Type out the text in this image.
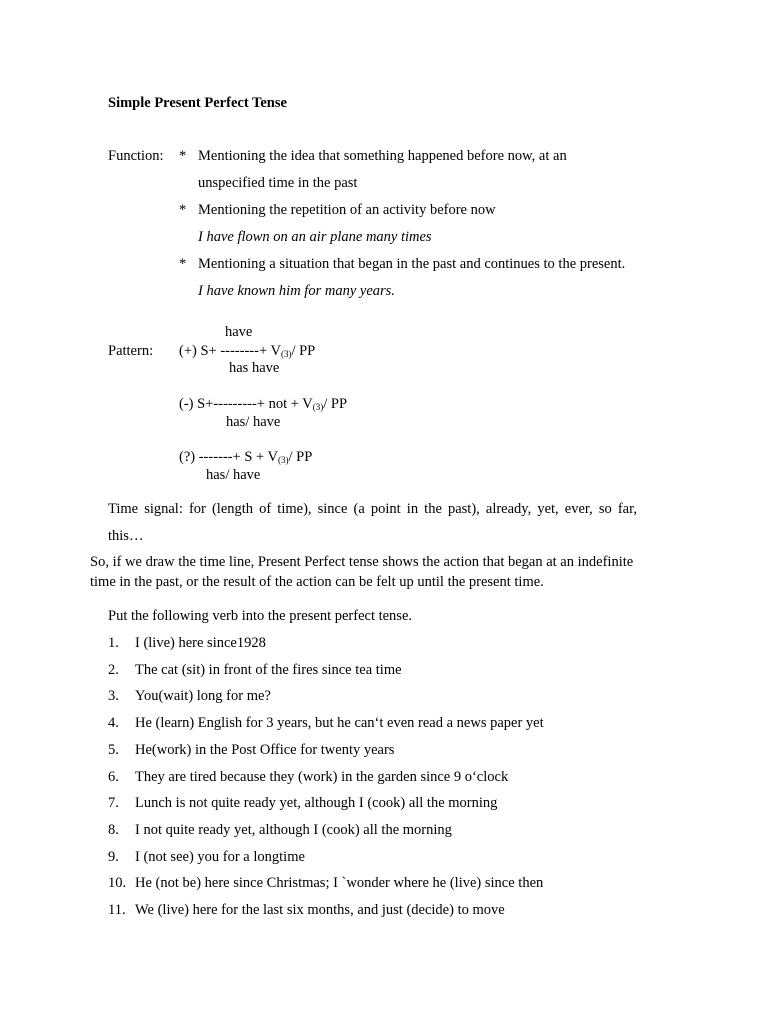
Simple Present Perfect Tense
Function: * Mentioning the idea that something happened before now, at an
unspecified time in the past
* Mentioning the repetition of an activity before now
I have flown on an air plane many times
* Mentioning a situation that began in the past and continues to the present.
I have known him for many years.
have
Pattern: (+) S+ --------+ $V_{(3)}/$ PP
has have
(-) S+---------+ not + $V_{(3)}/$ PP
has/ have
(?) -------+ $S + V_{(3)}/$ PP
has/ have
Time signal: for (length of time), since (a point in the past), already, yet, ever, so far,
this…
So, if we draw the time line, Present Perfect tense shows the action that began at an indefinite
time in the past, or the result of the action can be felt up until the present time.
Put the following verb into the present perfect tense.
1. I (live) here since1928
2. The cat (sit) in front of the fires since tea time
3. You(wait) long for me?
4. He (learn) English for 3 years, but he can‘t even read a news paper yet
5. He(work) in the Post Office for twenty years
6. They are tired because they (work) in the garden since 9 o‘clock
7. Lunch is not quite ready yet, although I (cook) all the morning
8. I not quite ready yet, although I (cook) all the morning
9. I (not see) you for a longtime
10. He (not be) here since Christmas; I `wonder where he (live) since then
11. We (live) here for the last six months, and just (decide) to move
